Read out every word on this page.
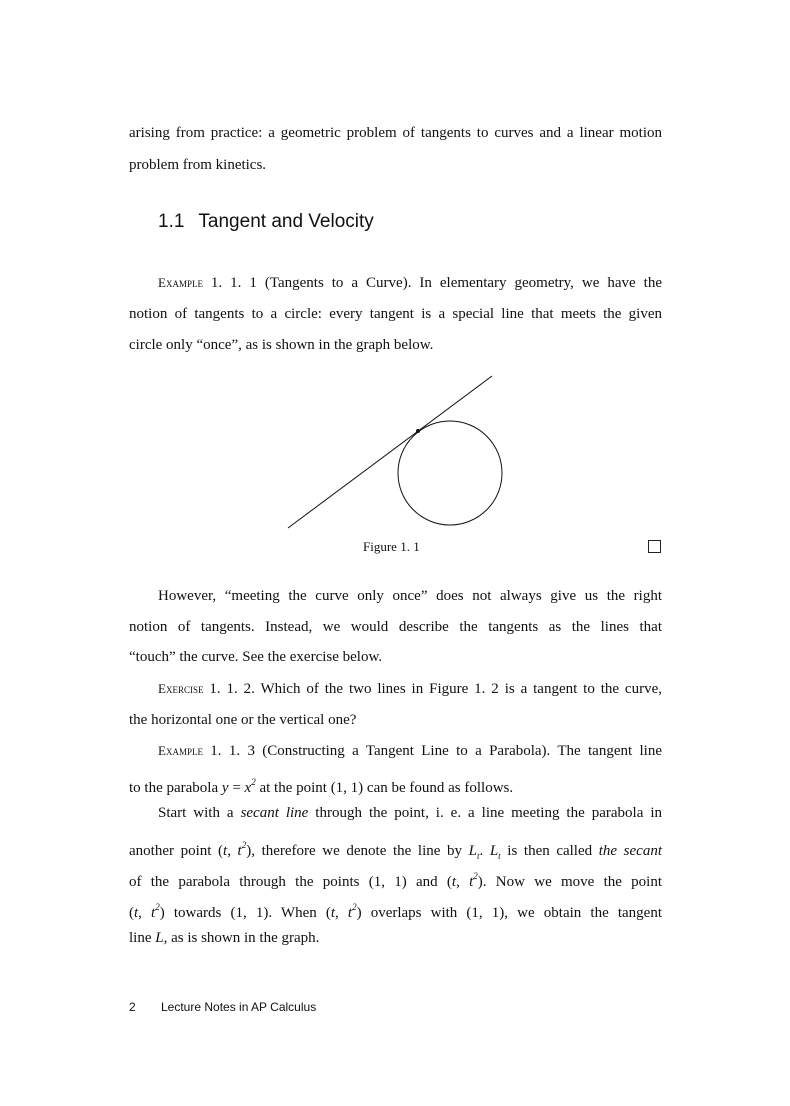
arising from practice: a geometric problem of tangents to curves and a linear motion
problem from kinetics.
Example 1. 1. 1 (Tangents to a Curve). In elementary geometry, we have the
notion of tangents to a circle: every tangent is a special line that meets the given
circle only “once”, as is shown in the graph below.
However, “meeting the curve only once” does not always give us the right
notion of tangents. Instead, we would describe the tangents as the lines that
“touch” the curve. See the exercise below.
Exercise 1. 1. 2. Which of the two lines in Figure 1. 2 is a tangent to the curve,
the horizontal one or the vertical one?
Example 1. 1. 3 (Constructing a Tangent Line to a Parabola). The tangent line
to the parabola $y = x^2$ at the point (1, 1) can be found as follows.
Start with a secant line through the point, i. e. a line meeting the parabola in
another point (t, $t^2$), therefore we denote the line by $L_t$. $L_t$ is then called the secant
of the parabola through the points (1, 1) and (t, $t^2$). Now we move the point
(t, $t^2$) towards (1, 1). When (t, $t^2$) overlaps with (1, 1), we obtain the tangent
line L, as is shown in the graph.
1.1 Tangent and Velocity
Figure 1. 1
2 Lecture Notes in AP Calculus
